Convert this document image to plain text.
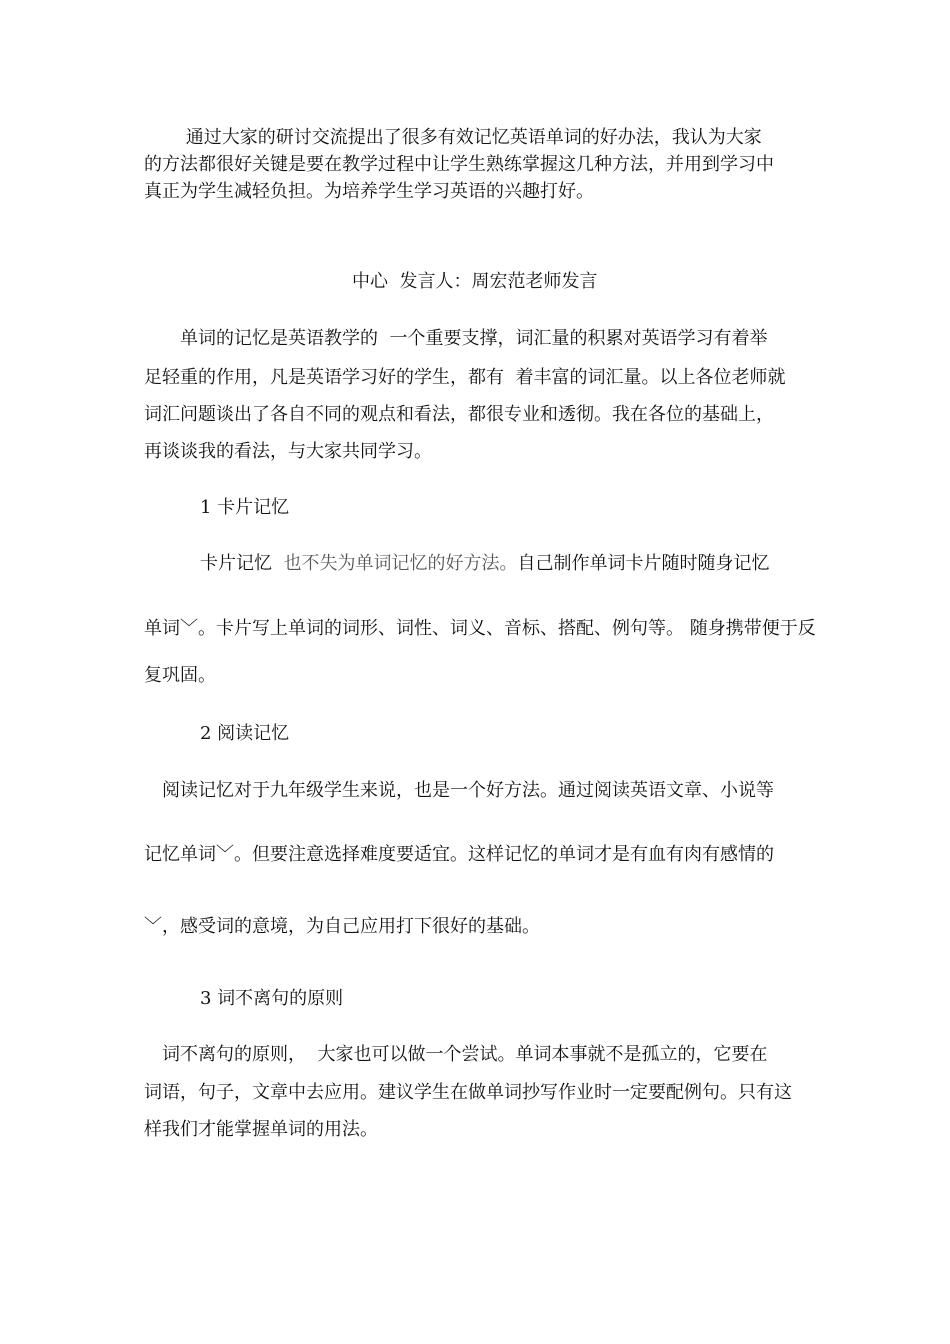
　　 通过大家的研讨交流提出了很多有效记忆英语单词的好办法，我认为大家

的方法都很好关键是要在教学过程中让学生熟练掌握这几种方法，并用到学习中

真正为学生减轻负担。为培养学生学习英语的兴趣打好。

中心  发言人：周宏范老师发言

　　单词的记忆是英语教学的  一个重要支撑，词汇量的积累对英语学习有着举

足轻重的作用，凡是英语学习好的学生，都有  着丰富的词汇量。以上各位老师就

词汇问题谈出了各自不同的观点和看法，都很专业和透彻。我在各位的基础上，

再谈谈我的看法，与大家共同学习。

1 卡片记忆

卡片记忆  也不失为单词记忆的好方法。自己制作单词卡片随时随身记忆

单词﹀。卡片写上单词的词形、词性、词义、音标、搭配、例句等。 随身携带便于反

复巩固。

2 阅读记忆

　阅读记忆对于九年级学生来说，也是一个好方法。通过阅读英语文章、小说等

记忆单词﹀。但要注意选择难度要适宜。这样记忆的单词才是有血有肉有感情的

﹀，感受词的意境，为自己应用打下很好的基础。

3 词不离句的原则

　词不离句的原则，  大家也可以做一个尝试。单词本事就不是孤立的，它要在

词语，句子，文章中去应用。建议学生在做单词抄写作业时一定要配例句。只有这

样我们才能掌握单词的用法。
